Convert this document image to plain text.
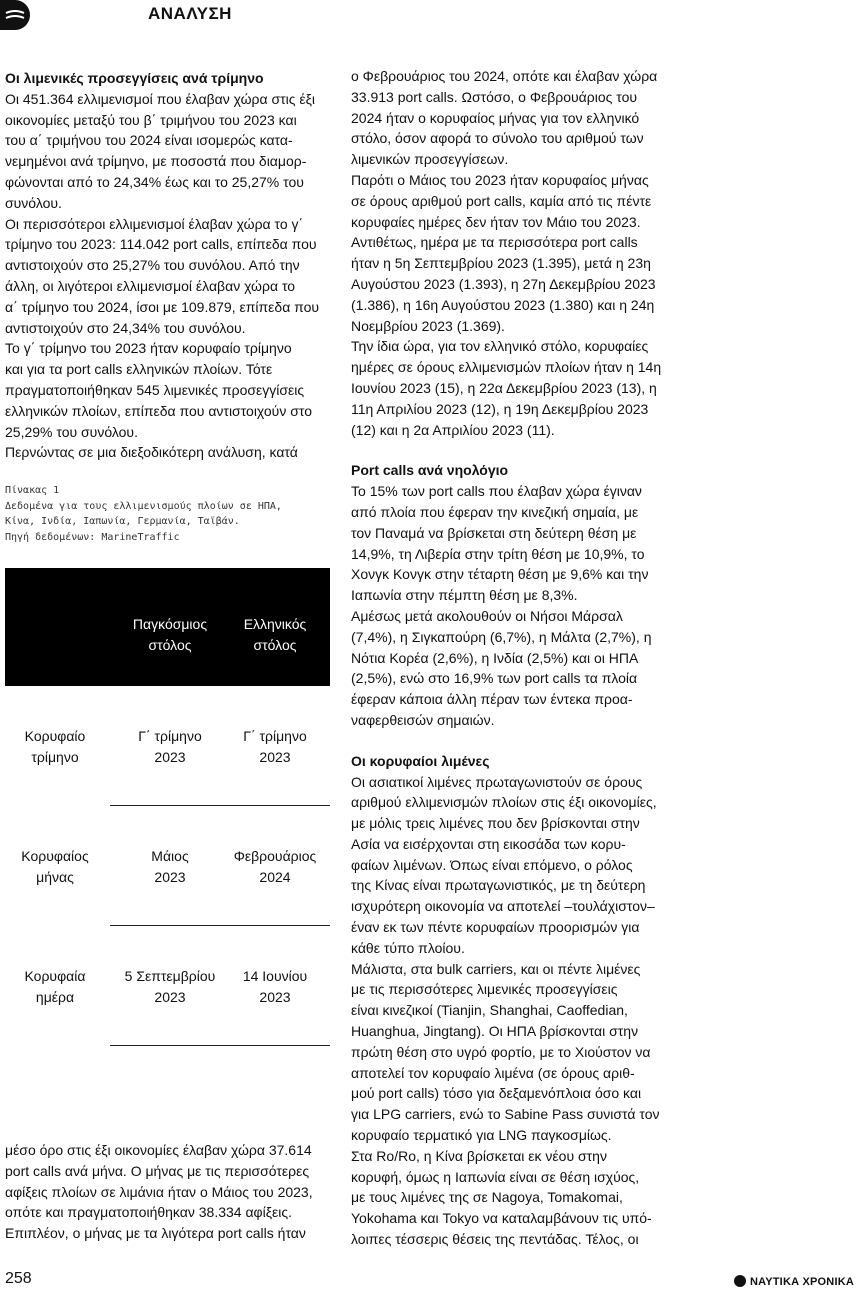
ΑΝΑΛΥΣΗ

Οι λιμενικές προσεγγίσεις ανά τρίμηνο

Οι 451.364 ελλιμενισμοί που έλαβαν χώρα στις έξι

οικονομίες μεταξύ του β΄ τριμήνου του 2023 και

του α΄ τριμήνου του 2024 είναι ισομερώς κατα-

νεμημένοι ανά τρίμηνο, με ποσοστά που διαμορ-

φώνονται από το 24,34% έως και το 25,27% του

συνόλου.

Οι περισσότεροι ελλιμενισμοί έλαβαν χώρα το γ΄

τρίμηνο του 2023: 114.042 port calls, επίπεδα που

αντιστοιχούν στο 25,27% του συνόλου. Από την

άλλη, οι λιγότεροι ελλιμενισμοί έλαβαν χώρα το

α΄ τρίμηνο του 2024, ίσοι με 109.879, επίπεδα που

αντιστοιχούν στο 24,34% του συνόλου.

Το γ΄ τρίμηνο του 2023 ήταν κορυφαίο τρίμηνο

και για τα port calls ελληνικών πλοίων. Τότε

πραγματοποιήθηκαν 545 λιμενικές προσεγγίσεις

ελληνικών πλοίων, επίπεδα που αντιστοιχούν στο

25,29% του συνόλου.

Περνώντας σε μια διεξοδικότερη ανάλυση, κατά

Πίνακας 1
Δεδομένα για τους ελλιμενισμούς πλοίων σε ΗΠΑ,
Κίνα, Ινδία, Ιαπωνία, Γερμανία, Ταϊβάν.
Πηγή δεδομένων: MarineTraffic
Παγκόσμιος
στόλος
Ελληνικός
στόλος
Κορυφαίο
τρίμηνο
Γ΄ τρίμηνο
2023
Γ΄ τρίμηνο
2023
Κορυφαίος
μήνας
Μάιος
2023
Φεβρουάριος
2024
Κορυφαία
ημέρα
5 Σεπτεμβρίου
2023
14 Ιουνίου
2023

μέσο όρο στις έξι οικονομίες έλαβαν χώρα 37.614

port calls ανά μήνα. Ο μήνας με τις περισσότερες

αφίξεις πλοίων σε λιμάνια ήταν ο Μάιος του 2023,

οπότε και πραγματοποιήθηκαν 38.334 αφίξεις.

Επιπλέον, ο μήνας με τα λιγότερα port calls ήταν

ο Φεβρουάριος του 2024, οπότε και έλαβαν χώρα

33.913 port calls. Ωστόσο, ο Φεβρουάριος του

2024 ήταν ο κορυφαίος μήνας για τον ελληνικό

στόλο, όσον αφορά το σύνολο του αριθμού των

λιμενικών προσεγγίσεων.

Παρότι ο Μάιος του 2023 ήταν κορυφαίος μήνας

σε όρους αριθμού port calls, καμία από τις πέντε

κορυφαίες ημέρες δεν ήταν τον Μάιο του 2023.

Αντιθέτως, ημέρα με τα περισσότερα port calls

ήταν η 5η Σεπτεμβρίου 2023 (1.395), μετά η 23η

Αυγούστου 2023 (1.393), η 27η Δεκεμβρίου 2023

(1.386), η 16η Αυγούστου 2023 (1.380) και η 24η

Νοεμβρίου 2023 (1.369).

Την ίδια ώρα, για τον ελληνικό στόλο, κορυφαίες

ημέρες σε όρους ελλιμενισμών πλοίων ήταν η 14η

Ιουνίου 2023 (15), η 22α Δεκεμβρίου 2023 (13), η

11η Απριλίου 2023 (12), η 19η Δεκεμβρίου 2023

(12) και η 2α Απριλίου 2023 (11).

Port calls ανά νηολόγιο

Το 15% των port calls που έλαβαν χώρα έγιναν

από πλοία που έφεραν την κινεζική σημαία, με

τον Παναμά να βρίσκεται στη δεύτερη θέση με

14,9%, τη Λιβερία στην τρίτη θέση με 10,9%, το

Χονγκ Κονγκ στην τέταρτη θέση με 9,6% και την

Ιαπωνία στην πέμπτη θέση με 8,3%.

Αμέσως μετά ακολουθούν οι Νήσοι Μάρσαλ

(7,4%), η Σιγκαπούρη (6,7%), η Μάλτα (2,7%), η

Νότια Κορέα (2,6%), η Ινδία (2,5%) και οι ΗΠΑ

(2,5%), ενώ στο 16,9% των port calls τα πλοία

έφεραν κάποια άλλη πέραν των έντεκα προα-

ναφερθεισών σημαιών.

Οι κορυφαίοι λιμένες

Οι ασιατικοί λιμένες πρωταγωνιστούν σε όρους

αριθμού ελλιμενισμών πλοίων στις έξι οικονομίες,

με μόλις τρεις λιμένες που δεν βρίσκονται στην

Ασία να εισέρχονται στη εικοσάδα των κορυ-

φαίων λιμένων. Όπως είναι επόμενο, ο ρόλος

της Κίνας είναι πρωταγωνιστικός, με τη δεύτερη

ισχυρότερη οικονομία να αποτελεί –τουλάχιστον–

έναν εκ των πέντε κορυφαίων προορισμών για

κάθε τύπο πλοίου.

Μάλιστα, στα bulk carriers, και οι πέντε λιμένες

με τις περισσότερες λιμενικές προσεγγίσεις

είναι κινεζικοί (Tianjin, Shanghai, Caoffedian,

Huanghua, Jingtang). Οι ΗΠΑ βρίσκονται στην

πρώτη θέση στο υγρό φορτίο, με το Χιούστον να

αποτελεί τον κορυφαίο λιμένα (σε όρους αριθ-

μού port calls) τόσο για δεξαμενόπλοια όσο και

για LPG carriers, ενώ το Sabine Pass συνιστά τον

κορυφαίο τερματικό για LNG παγκοσμίως.

Στα Ro/Ro, η Κίνα βρίσκεται εκ νέου στην

κορυφή, όμως η Ιαπωνία είναι σε θέση ισχύος,

με τους λιμένες της σε Nagoya, Tomakomai,

Yokohama και Tokyo να καταλαμβάνουν τις υπό-

λοιπες τέσσερις θέσεις της πεντάδας. Τέλος, οι

258	ΝΑΥΤΙΚΑ ΧΡΟΝΙΚΑ
